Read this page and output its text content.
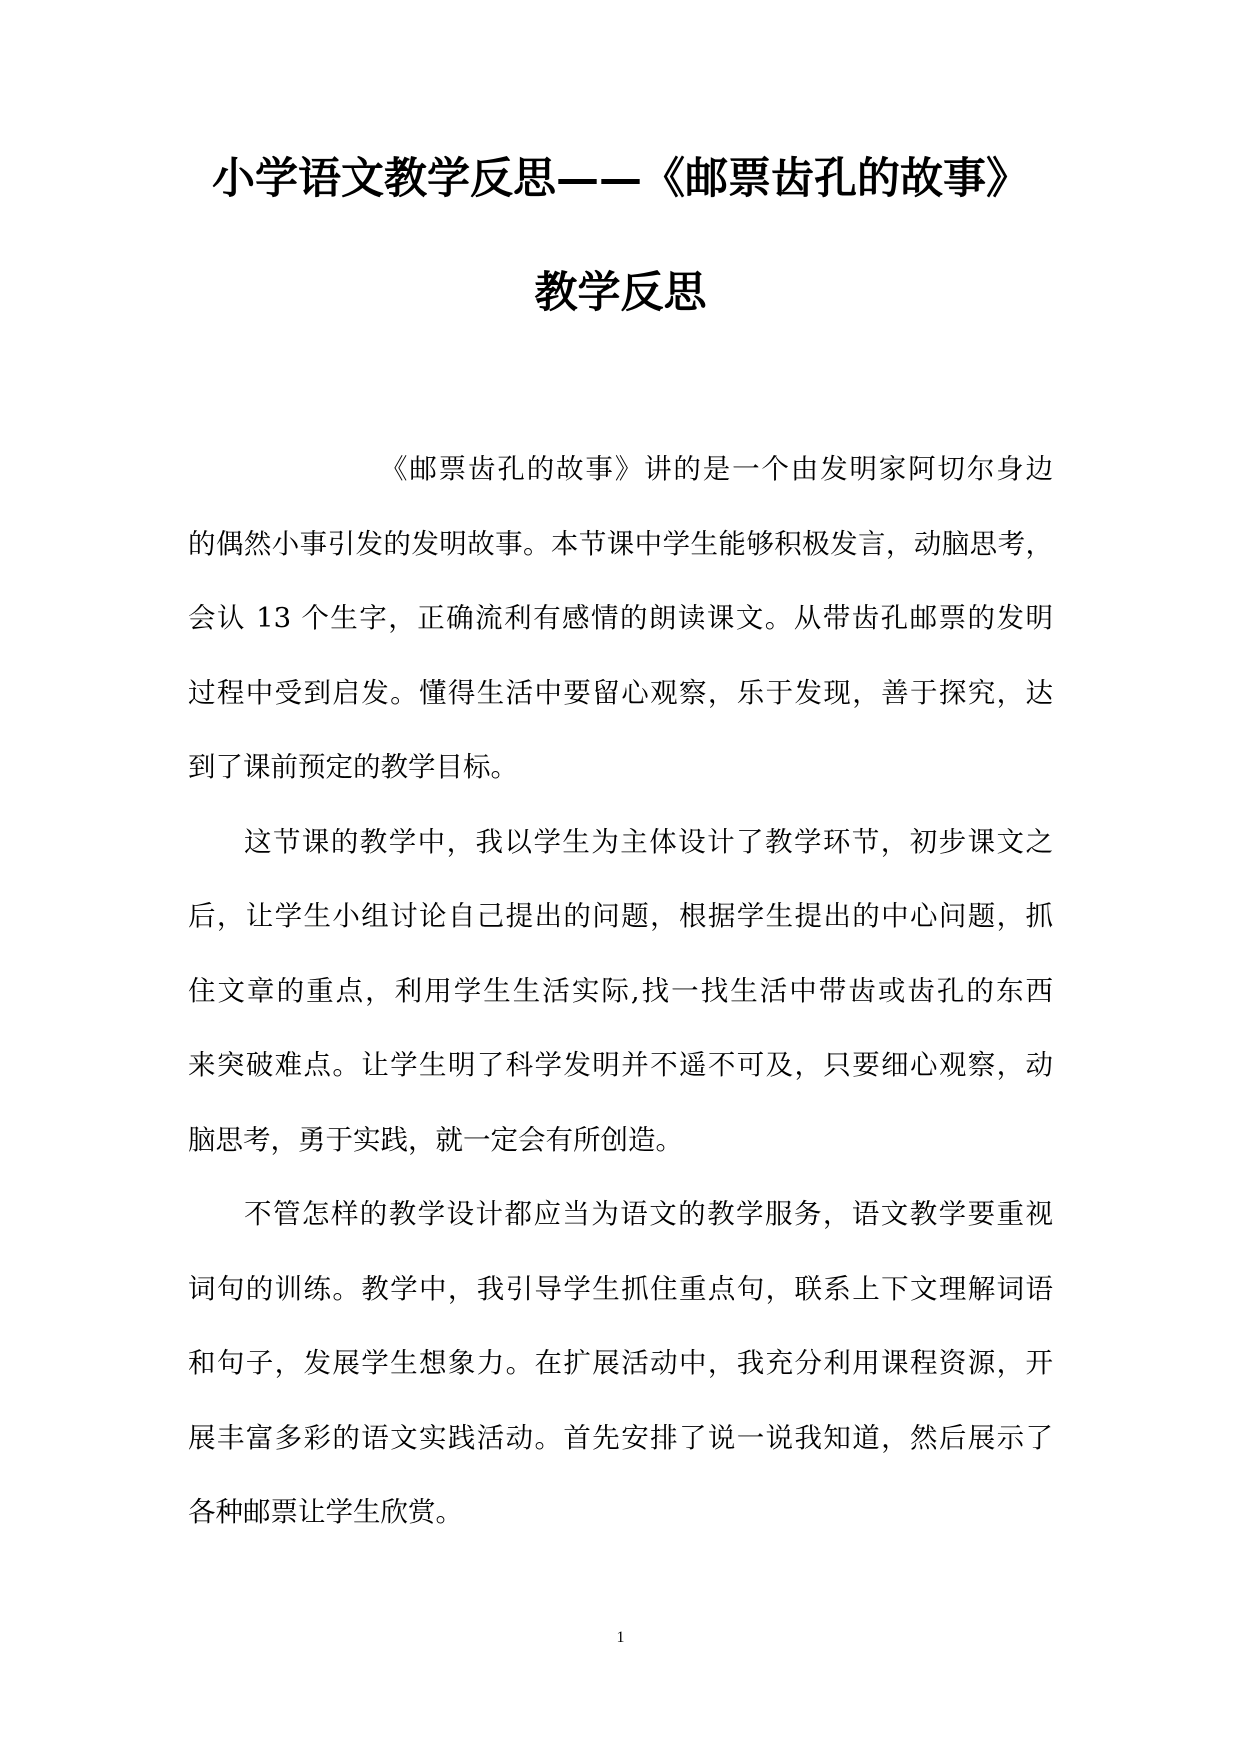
小学语文教学反思——《邮票齿孔的故事》
教学反思
《邮票齿孔的故事》讲的是一个由发明家阿切尔身边
的偶然小事引发的发明故事。本节课中学生能够积极发言，动脑思考，
会认 13 个生字，正确流利有感情的朗读课文。从带齿孔邮票的发明
过程中受到启发。懂得生活中要留心观察，乐于发现，善于探究，达
到了课前预定的教学目标。
这节课的教学中，我以学生为主体设计了教学环节，初步课文之
后，让学生小组讨论自己提出的问题，根据学生提出的中心问题，抓
住文章的重点，利用学生生活实际,找一找生活中带齿或齿孔的东西
来突破难点。让学生明了科学发明并不遥不可及，只要细心观察，动
脑思考，勇于实践，就一定会有所创造。
不管怎样的教学设计都应当为语文的教学服务，语文教学要重视
词句的训练。教学中，我引导学生抓住重点句，联系上下文理解词语
和句子，发展学生想象力。在扩展活动中，我充分利用课程资源，开
展丰富多彩的语文实践活动。首先安排了说一说我知道，然后展示了
各种邮票让学生欣赏。
1
